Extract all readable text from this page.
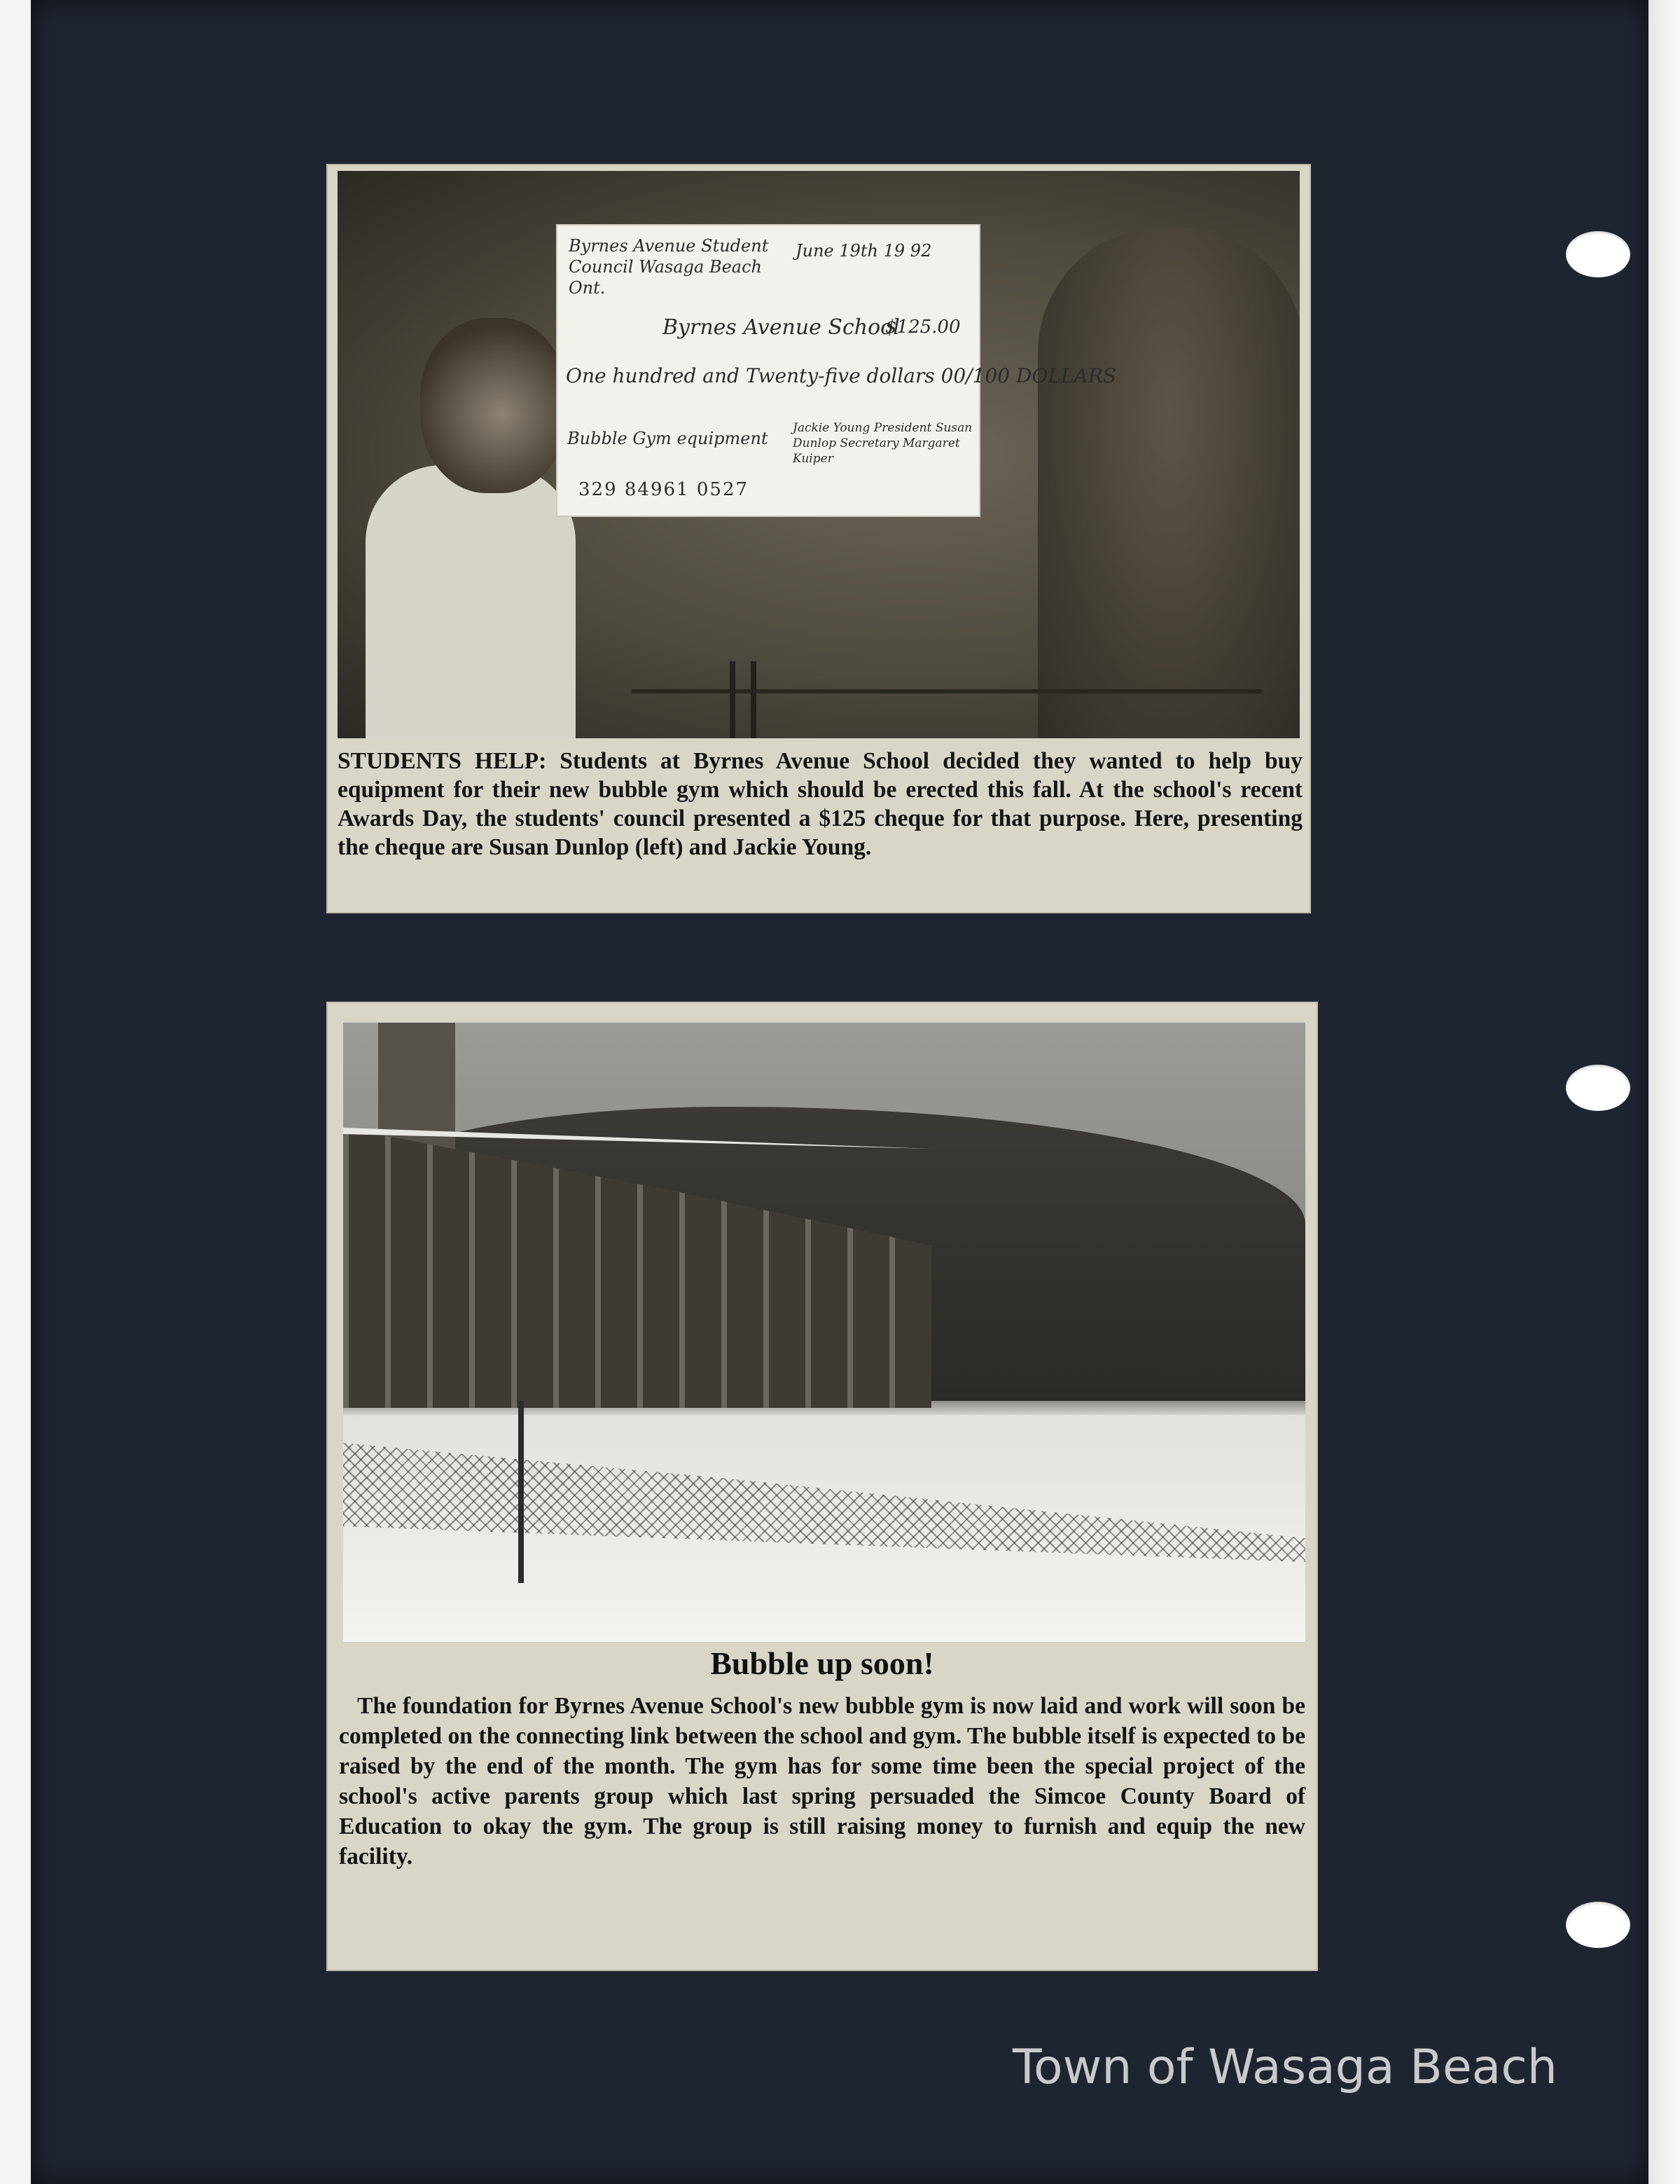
Byrnes Avenue Student Council Wasaga Beach Ont.
June 19th 19 92
Byrnes Avenue School
$125.00
One hundred and Twenty-five dollars 00/100 DOLLARS
Bubble Gym equipment
Jackie Young President Susan Dunlop Secretary Margaret Kuiper
329 84961 0527

STUDENTS HELP: Students at Byrnes Avenue School decided they wanted to help buy equipment for their new bubble gym which should be erected this fall. At the school's recent Awards Day, the students' council presented a $125 cheque for that purpose. Here, presenting the cheque are Susan Dunlop (left) and Jackie Young.

Bubble up soon!

The foundation for Byrnes Avenue School's new bubble gym is now laid and work will soon be completed on the connecting link between the school and gym. The bubble itself is expected to be raised by the end of the month. The gym has for some time been the special project of the school's active parents group which last spring persuaded the Simcoe County Board of Education to okay the gym. The group is still raising money to furnish and equip the new facility.

Town of Wasaga Beach
